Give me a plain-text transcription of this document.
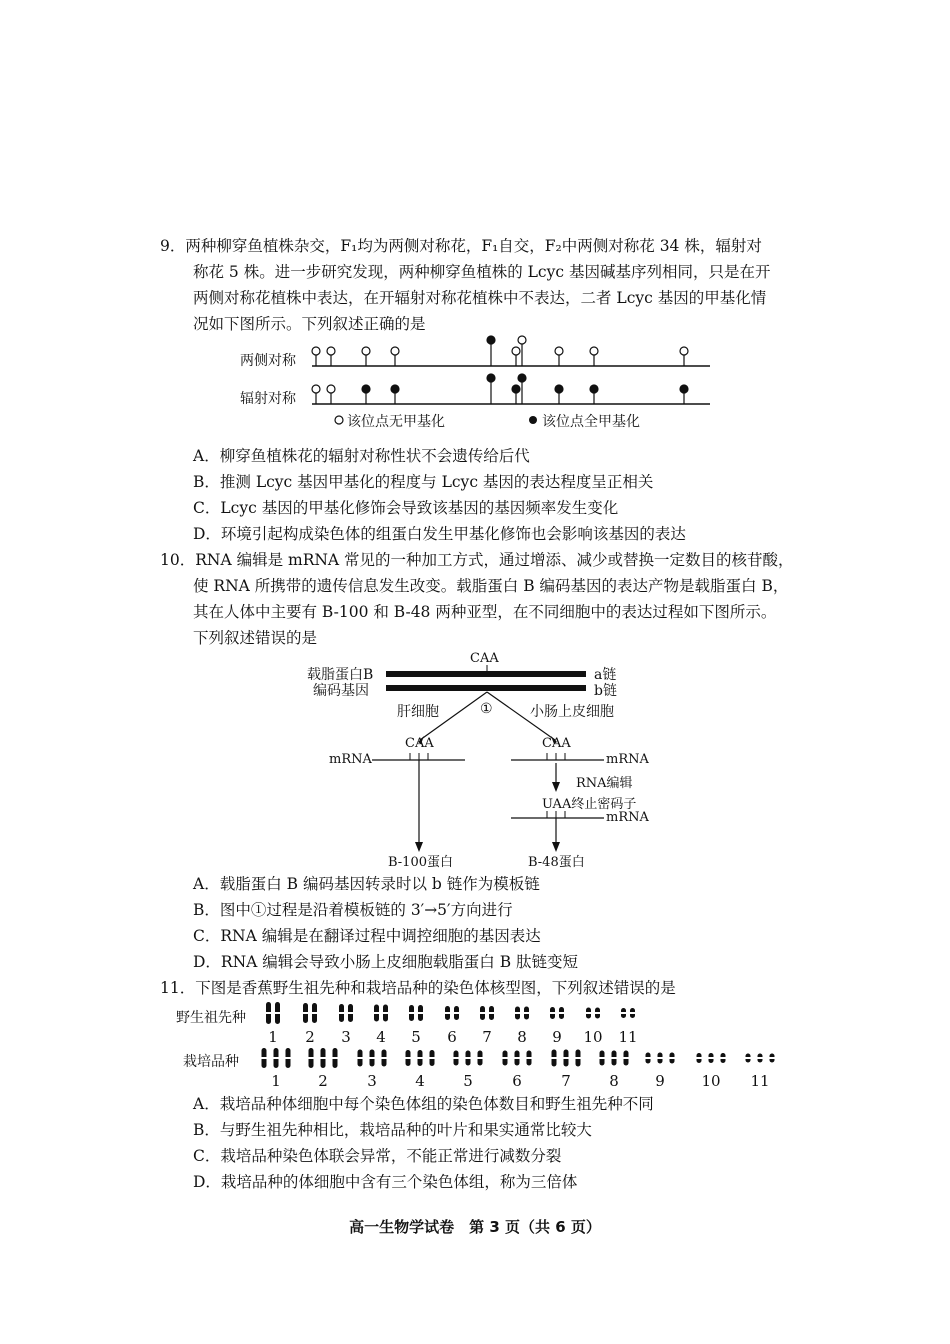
9．两种柳穿鱼植株杂交，F₁均为两侧对称花，F₁自交，F₂中两侧对称花 34 株，辐射对
称花 5 株。进一步研究发现，两种柳穿鱼植株的 Lcyc 基因碱基序列相同，只是在开
两侧对称花植株中表达，在开辐射对称花植株中不表达，二者 Lcyc 基因的甲基化情
况如下图所示。下列叙述正确的是
两侧对称
辐射对称
该位点无甲基化	该位点全甲基化
A．柳穿鱼植株花的辐射对称性状不会遗传给后代
B．推测 Lcyc 基因甲基化的程度与 Lcyc 基因的表达程度呈正相关
C．Lcyc 基因的甲基化修饰会导致该基因的基因频率发生变化
D．环境引起构成染色体的组蛋白发生甲基化修饰也会影响该基因的表达
10．RNA 编辑是 mRNA 常见的一种加工方式，通过增添、减少或替换一定数目的核苷酸，
使 RNA 所携带的遗传信息发生改变。载脂蛋白 B 编码基因的表达产物是载脂蛋白 B，
其在人体中主要有 B-100 和 B-48 两种亚型，在不同细胞中的表达过程如下图所示。
下列叙述错误的是
载脂蛋白B
编码基因
CAA
a链
b链
肝细胞	①	小肠上皮细胞
CAA	CAA
mRNA	mRNA
RNA编辑
UAA终止密码子
mRNA
B-100蛋白	B-48蛋白
A．载脂蛋白 B 编码基因转录时以 b 链作为模板链
B．图中①过程是沿着模板链的 3′→5′方向进行
C．RNA 编辑是在翻译过程中调控细胞的基因表达
D．RNA 编辑会导致小肠上皮细胞载脂蛋白 B 肽链变短
11．下图是香蕉野生祖先种和栽培品种的染色体核型图，下列叙述错误的是
野生祖先种
栽培品种
1	2	3	4	5	6	7	8	9	10 11
1	2	3	4	5	6	7	8	9	10 11
A．栽培品种体细胞中每个染色体组的染色体数目和野生祖先种不同
B．与野生祖先种相比，栽培品种的叶片和果实通常比较大
C．栽培品种染色体联会异常，不能正常进行减数分裂
D．栽培品种的体细胞中含有三个染色体组，称为三倍体
高一生物学试卷　第 3 页（共 6 页）
